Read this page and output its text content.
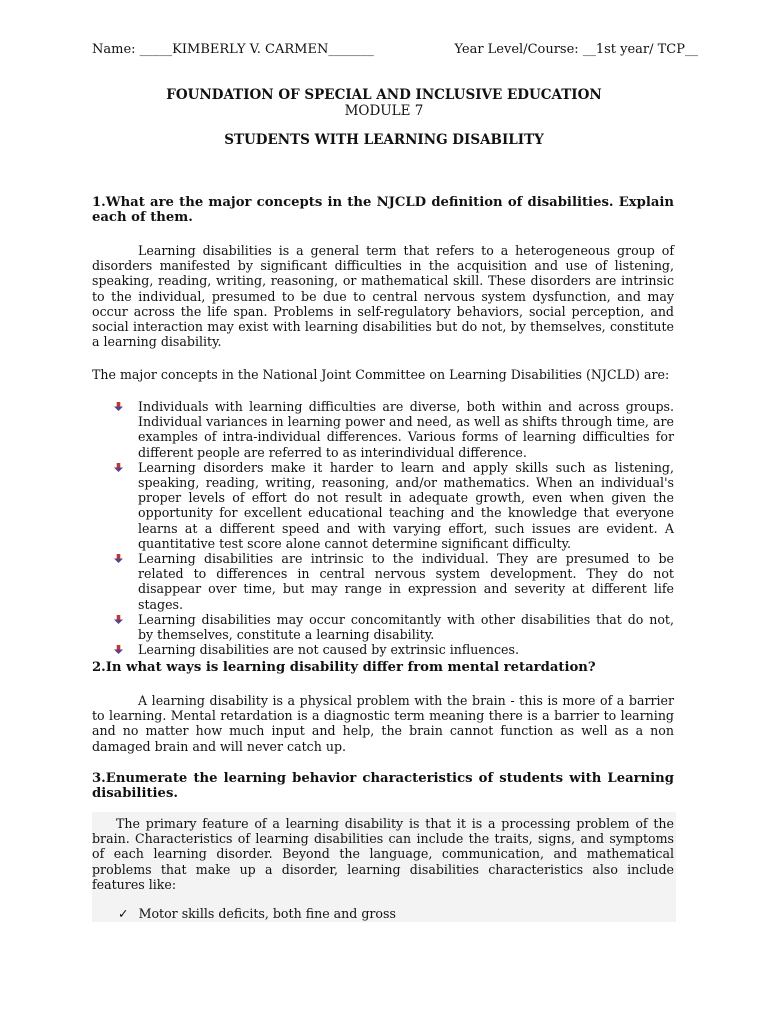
Name: _____KIMBERLY V. CARMEN_______	Year Level/Course: __1st year/ TCP__
FOUNDATION OF SPECIAL AND INCLUSIVE EDUCATION
MODULE 7
STUDENTS WITH LEARNING DISABILITY
1.What are the major concepts in the NJCLD definition of disabilities. Explain each of them.
Learning disabilities is a general term that refers to a heterogeneous group of disorders manifested by significant difficulties in the acquisition and use of listening, speaking, reading, writing, reasoning, or mathematical skill. These disorders are intrinsic to the individual, presumed to be due to central nervous system dysfunction, and may occur across the life span. Problems in self-regulatory behaviors, social perception, and social interaction may exist with learning disabilities but do not, by themselves, constitute a learning disability.
The major concepts in the National Joint Committee on Learning Disabilities (NJCLD) are:
Individuals with learning difficulties are diverse, both within and across groups. Individual variances in learning power and need, as well as shifts through time, are examples of intra-individual differences. Various forms of learning difficulties for different people are referred to as interindividual difference.
Learning disorders make it harder to learn and apply skills such as listening, speaking, reading, writing, reasoning, and/or mathematics. When an individual's proper levels of effort do not result in adequate growth, even when given the opportunity for excellent educational teaching and the knowledge that everyone learns at a different speed and with varying effort, such issues are evident. A quantitative test score alone cannot determine significant difficulty.
Learning disabilities are intrinsic to the individual. They are presumed to be related to differences in central nervous system development. They do not disappear over time, but may range in expression and severity at different life stages.
Learning disabilities may occur concomitantly with other disabilities that do not, by themselves, constitute a learning disability.
Learning disabilities are not caused by extrinsic influences.
2.In what ways is learning disability differ from mental retardation?
A learning disability is a physical problem with the brain - this is more of a barrier to learning. Mental retardation is a diagnostic term meaning there is a barrier to learning and no matter how much input and help, the brain cannot function as well as a non damaged brain and will never catch up.
3.Enumerate the learning behavior characteristics of students with Learning disabilities.
The primary feature of a learning disability is that it is a processing problem of the brain. Characteristics of learning disabilities can include the traits, signs, and symptoms of each learning disorder. Beyond the language, communication, and mathematical problems that make up a disorder, learning disabilities characteristics also include features like:
✓ Motor skills deficits, both fine and gross
